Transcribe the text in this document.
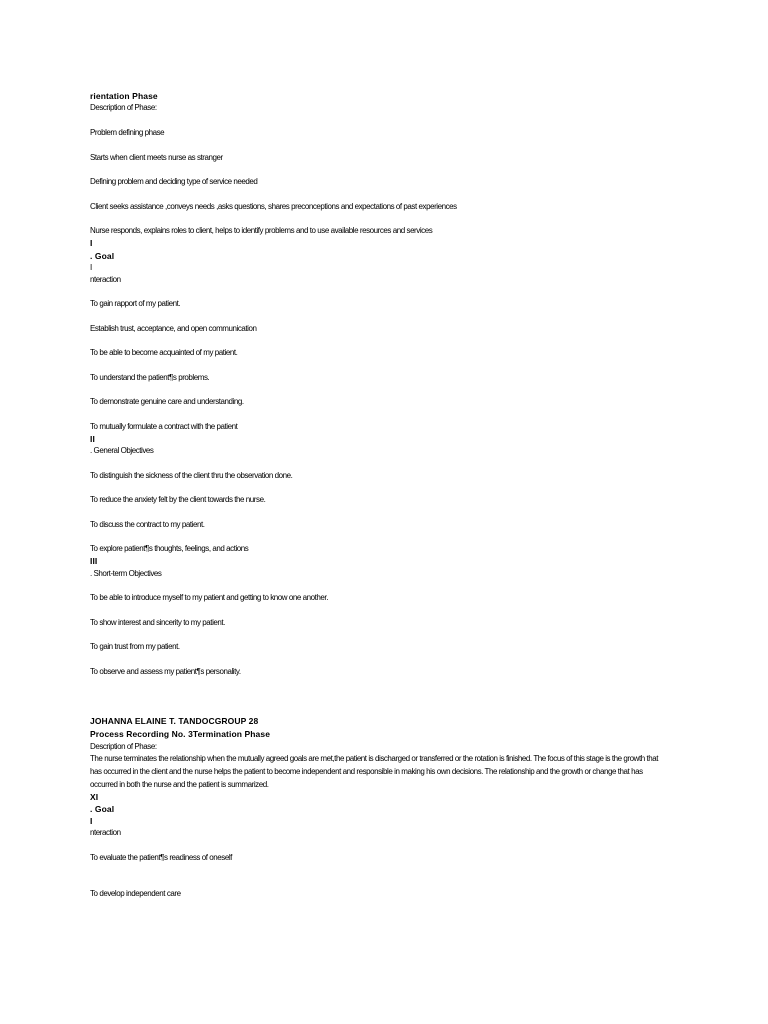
rientation Phase
Description of Phase:
Problem defining phase
Starts when client meets nurse as stranger
Defining problem and deciding type of service needed
Client seeks assistance ,conveys needs ,asks questions, shares preconceptions and expectations of past experiences
Nurse responds, explains roles to client, helps to identify problems and to use available resources and services
I
. Goal
I
nteraction
To gain rapport of my patient.
Establish trust, acceptance, and open communication
To be able to become acquainted of my patient.
To understand the patient¶s problems.
To demonstrate genuine care and understanding.
To mutually formulate a contract with the patient
II
. General Objectives
To distinguish the sickness of the client thru the observation done.
To reduce the anxiety felt by the client towards the nurse.
To discuss the contract to my patient.
To explore patient¶s thoughts, feelings, and actions
III
. Short-term Objectives
To be able to introduce myself to my patient and getting to know one another.
To show interest and sincerity to my patient.
To gain trust from my patient.
To observe and assess my patient¶s personality.
JOHANNA ELAINE T. TANDOCGROUP 28
Process Recording No. 3Termination Phase
Description of Phase:
The nurse terminates the relationship when the mutually agreed goals are met,the patient is discharged or transferred or the rotation is finished. The focus of this stage is the growth that
has occurred in the client and the nurse helps the patient to become independent and responsible in making his own decisions. The relationship and the growth or change that has
occurred in both the nurse and the patient is summarized.
XI
. Goal
I
nteraction
To evaluate the patient¶s readiness of oneself
To develop independent care
